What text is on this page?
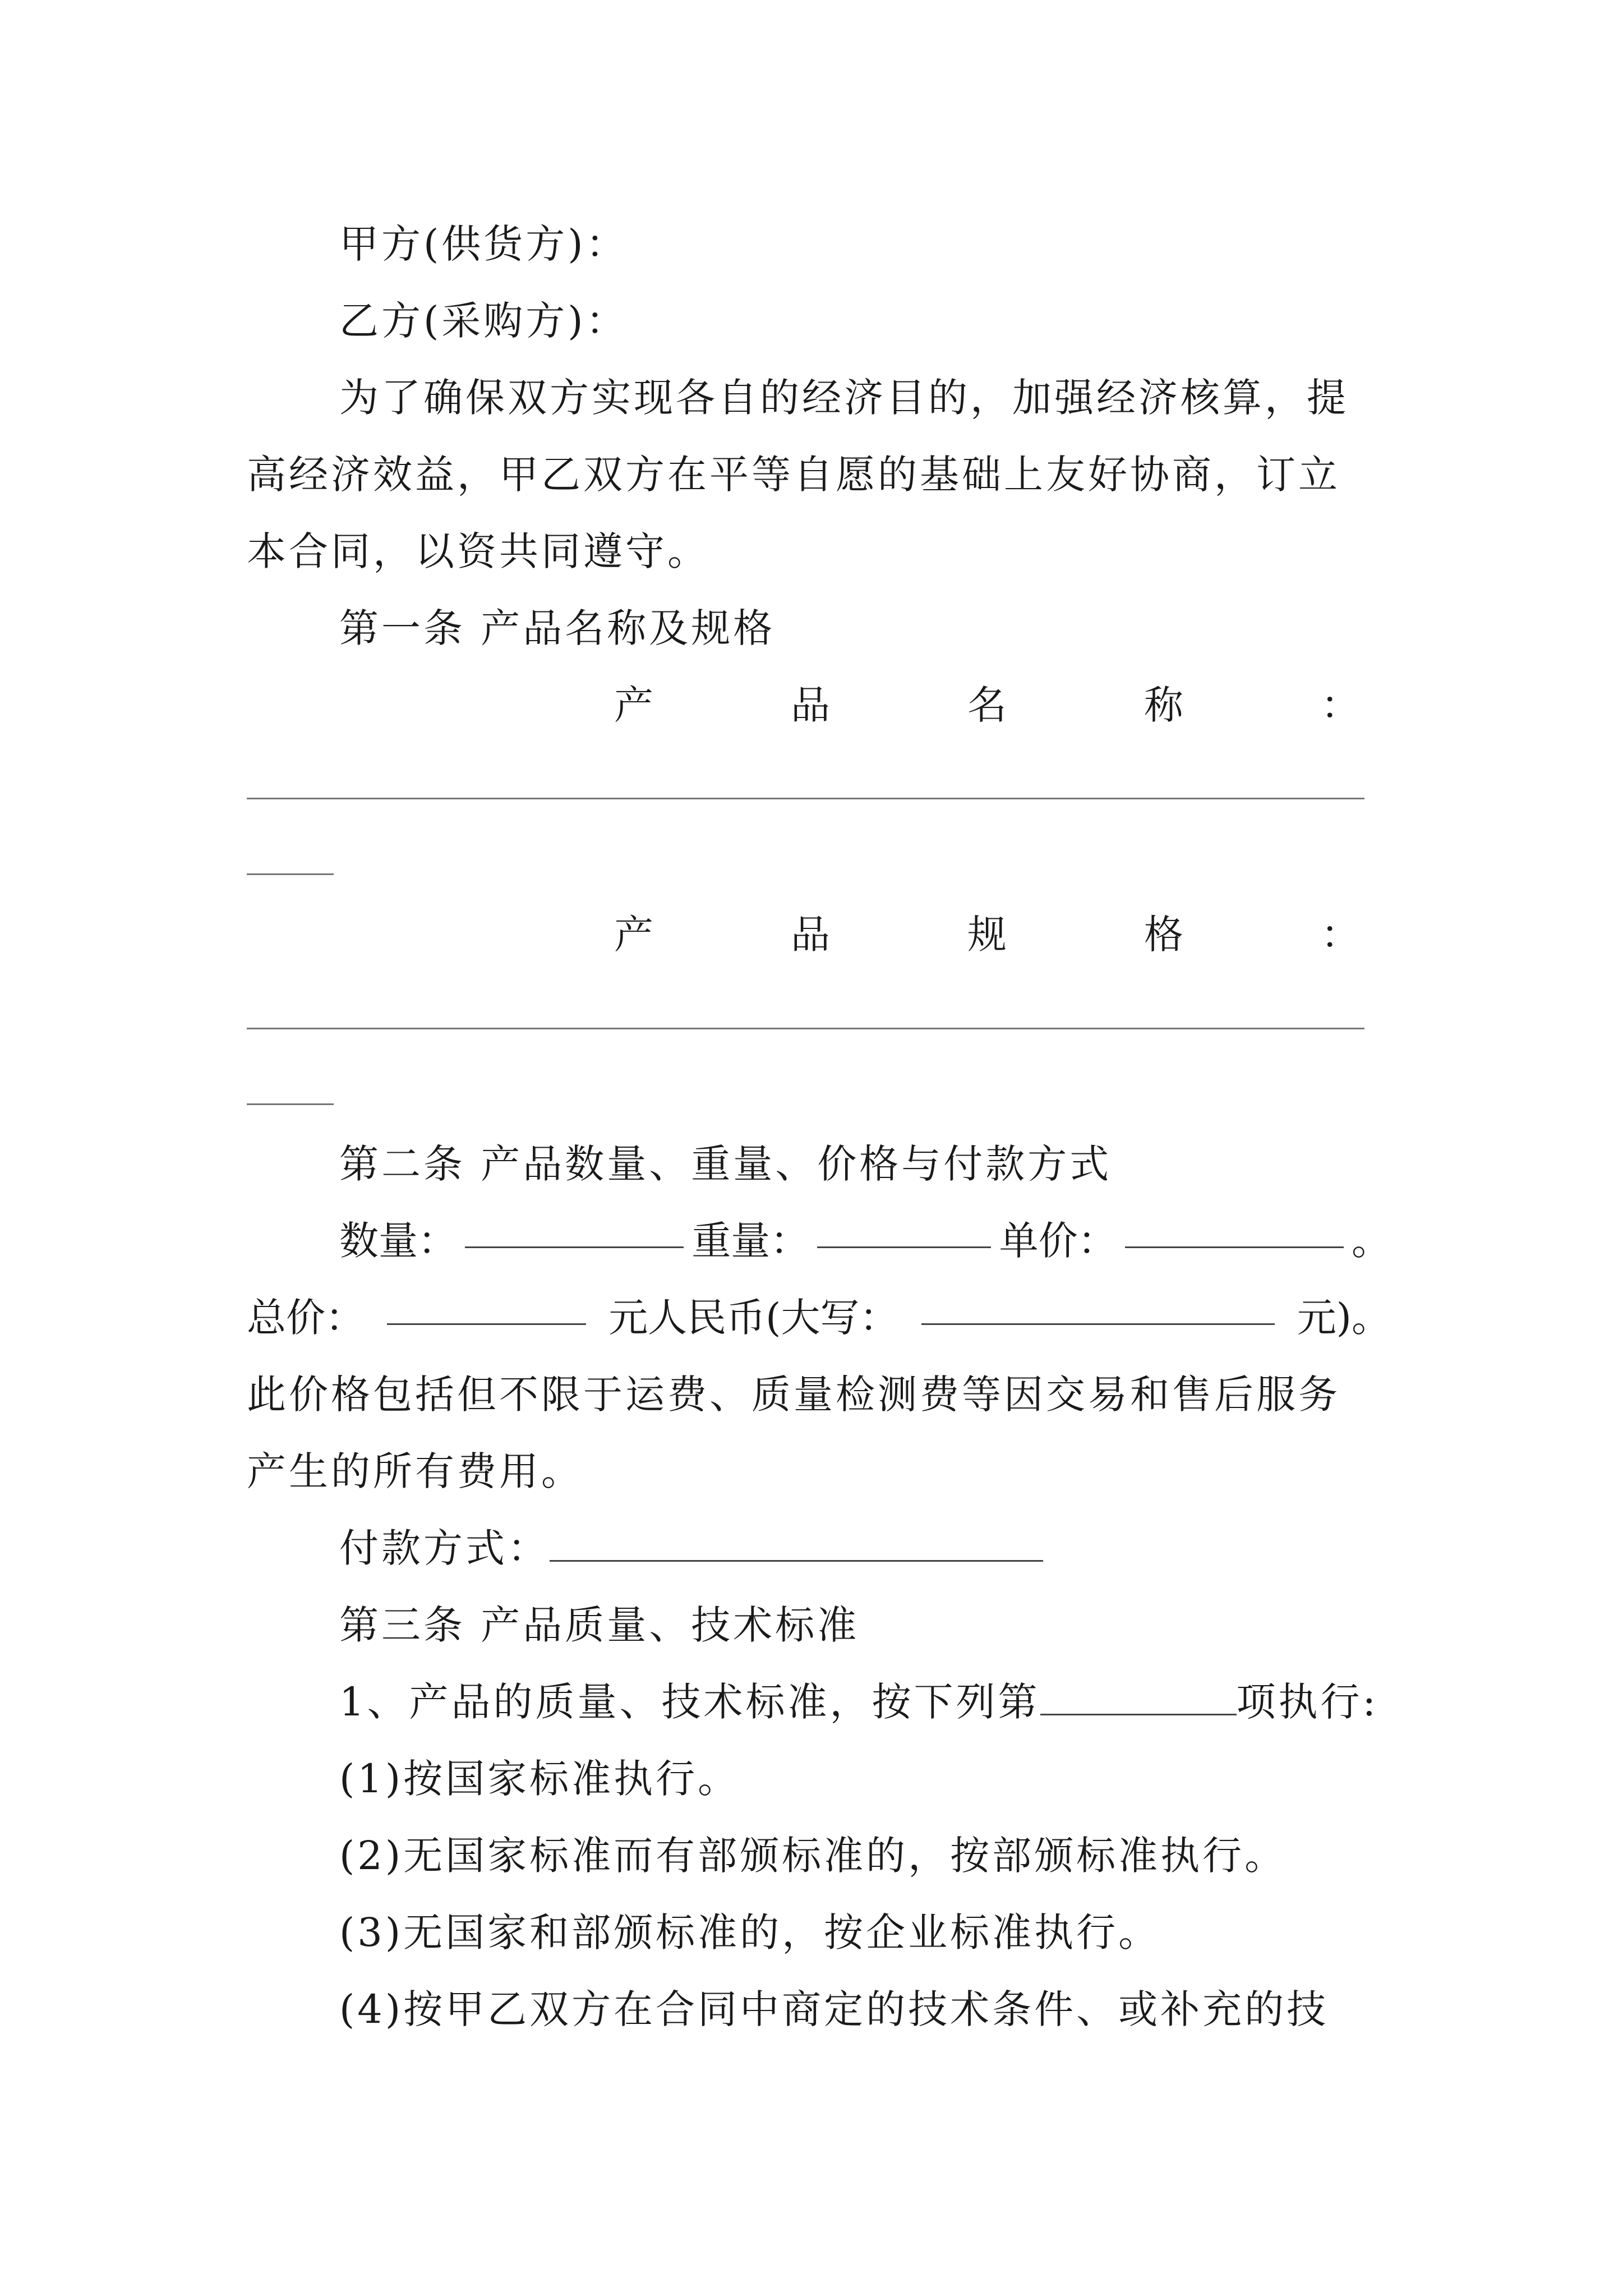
甲方(供货方)：
乙方(采购方)：
为了确保双方实现各自的经济目的，加强经济核算，提
高经济效益，甲乙双方在平等自愿的基础上友好协商，订立
本合同，以资共同遵守。
第一条 产品名称及规格
产	品	名	称	：
产	品	规	格	：
第二条 产品数量、重量、价格与付款方式
数量：	重量：	单价：	。
总价：	元人民币(大写：	元)。
此价格包括但不限于运费、质量检测费等因交易和售后服务
产生的所有费用。
付款方式：
第三条 产品质量、技术标准
1、产品的质量、技术标准，按下列第	项执行:
(1)按国家标准执行。
(2)无国家标准而有部颁标准的，按部颁标准执行。
(3)无国家和部颁标准的，按企业标准执行。
(4)按甲乙双方在合同中商定的技术条件、或补充的技
